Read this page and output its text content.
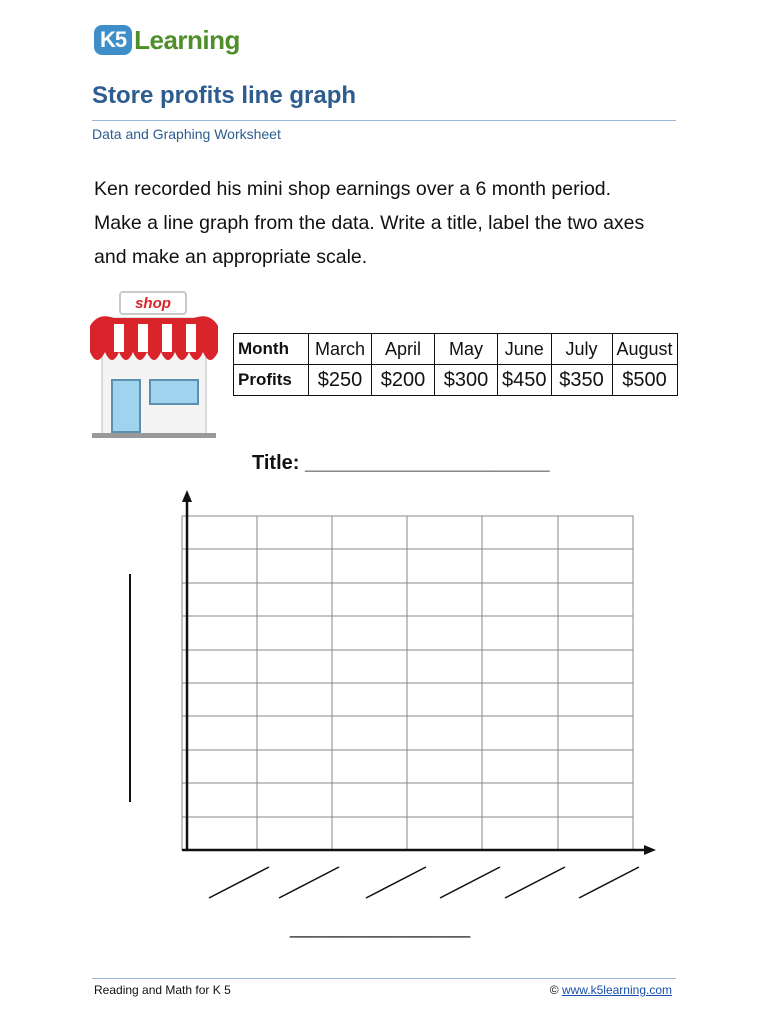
K5 Learning
Store profits line graph
Data and Graphing Worksheet

Ken recorded his mini shop earnings over a 6 month period.

Make a line graph from the data. Write a title, label the two axes

and make an appropriate scale.

shop
Month	March	April	May	June	July	August
Profits	$250	$200	$300	$450	$350	$500
Title: ______________________
__________________
Reading and Math for K 5	© www.k5learning.com
